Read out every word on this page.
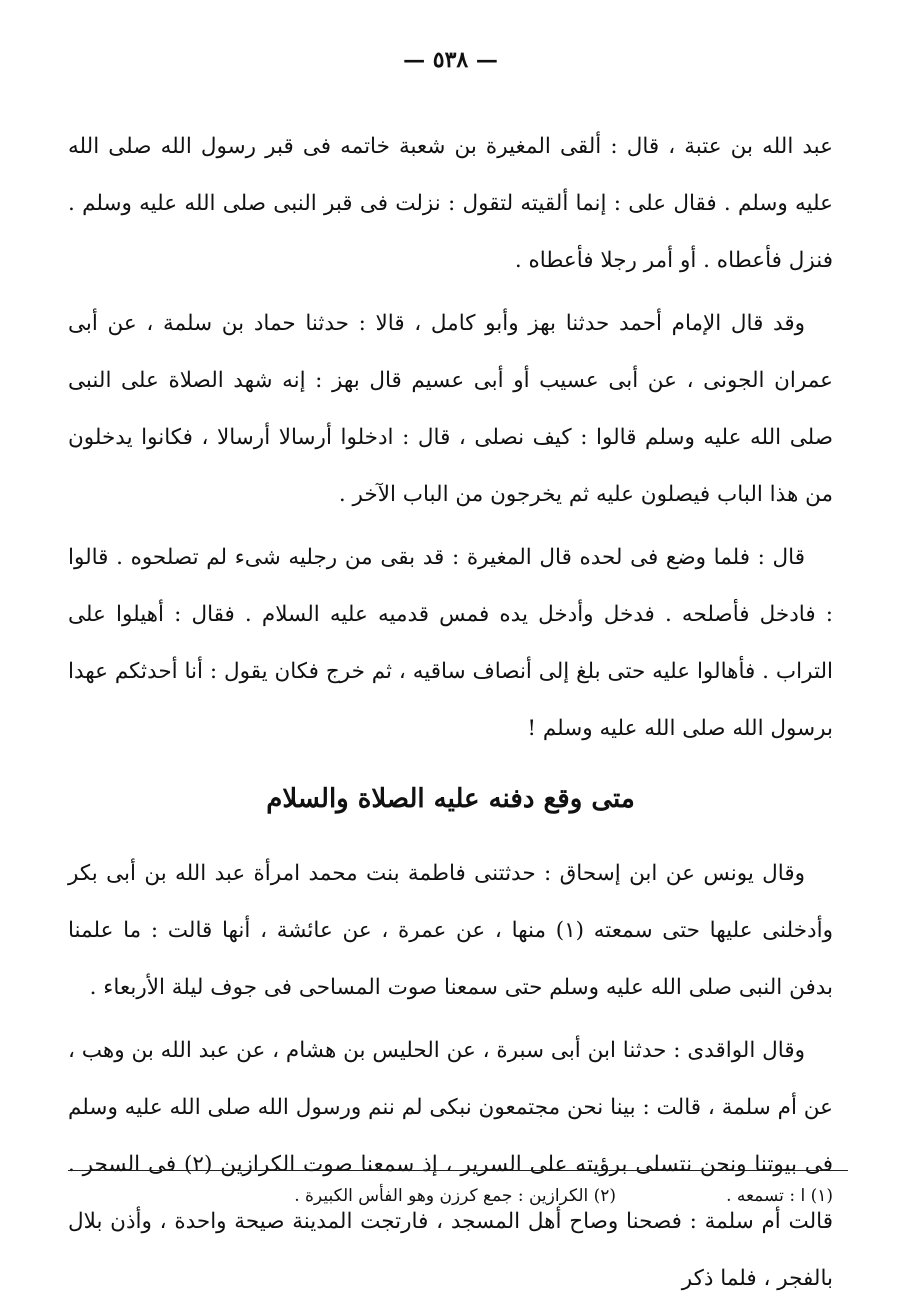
— ٥٣٨ —

عبد الله بن عتبة ، قال : ألقى المغيرة بن شعبة خاتمه فى قبر رسول الله صلى الله عليه وسلم . فقال على : إنما ألقيته لتقول : نزلت فى قبر النبى صلى الله عليه وسلم . فنزل فأعطاه . أو أمر رجلا فأعطاه .

وقد قال الإمام أحمد حدثنا بهز وأبو كامل ، قالا : حدثنا حماد بن سلمة ، عن أبى عمران الجونى ، عن أبى عسيب أو أبى عسيم قال بهز : إنه شهد الصلاة على النبى صلى الله عليه وسلم قالوا : كيف نصلى ، قال : ادخلوا أرسالا أرسالا ، فكانوا يدخلون من هذا الباب فيصلون عليه ثم يخرجون من الباب الآخر .

قال : فلما وضع فى لحده قال المغيرة : قد بقى من رجليه شىء لم تصلحوه . قالوا : فادخل فأصلحه . فدخل وأدخل يده فمس قدميه عليه السلام . فقال : أهيلوا على التراب . فأهالوا عليه حتى بلغ إلى أنصاف ساقيه ، ثم خرج فكان يقول : أنا أحدثكم عهدا برسول الله صلى الله عليه وسلم !

متى وقع دفنه عليه الصلاة والسلام

وقال يونس عن ابن إسحاق : حدثتنى فاطمة بنت محمد امرأة عبد الله بن أبى بكر وأدخلنى عليها حتى سمعته (١) منها ، عن عمرة ، عن عائشة ، أنها قالت : ما علمنا بدفن النبى صلى الله عليه وسلم حتى سمعنا صوت المساحى فى جوف ليلة الأربعاء .

وقال الواقدى : حدثنا ابن أبى سبرة ، عن الحليس بن هشام ، عن عبد الله بن وهب ، عن أم سلمة ، قالت : بينا نحن مجتمعون نبكى لم ننم ورسول الله صلى الله عليه وسلم فى بيوتنا ونحن نتسلى برؤيته على السرير ، إذ سمعنا صوت الكرازين (٢) فى السحر . قالت أم سلمة : فصحنا وصاح أهل المسجد ، فارتجت المدينة صيحة واحدة ، وأذن بلال بالفجر ، فلما ذكر

(١) ا : تسمعه .
(٢) الكرازين : جمع كرزن وهو الفأس الكبيرة .
